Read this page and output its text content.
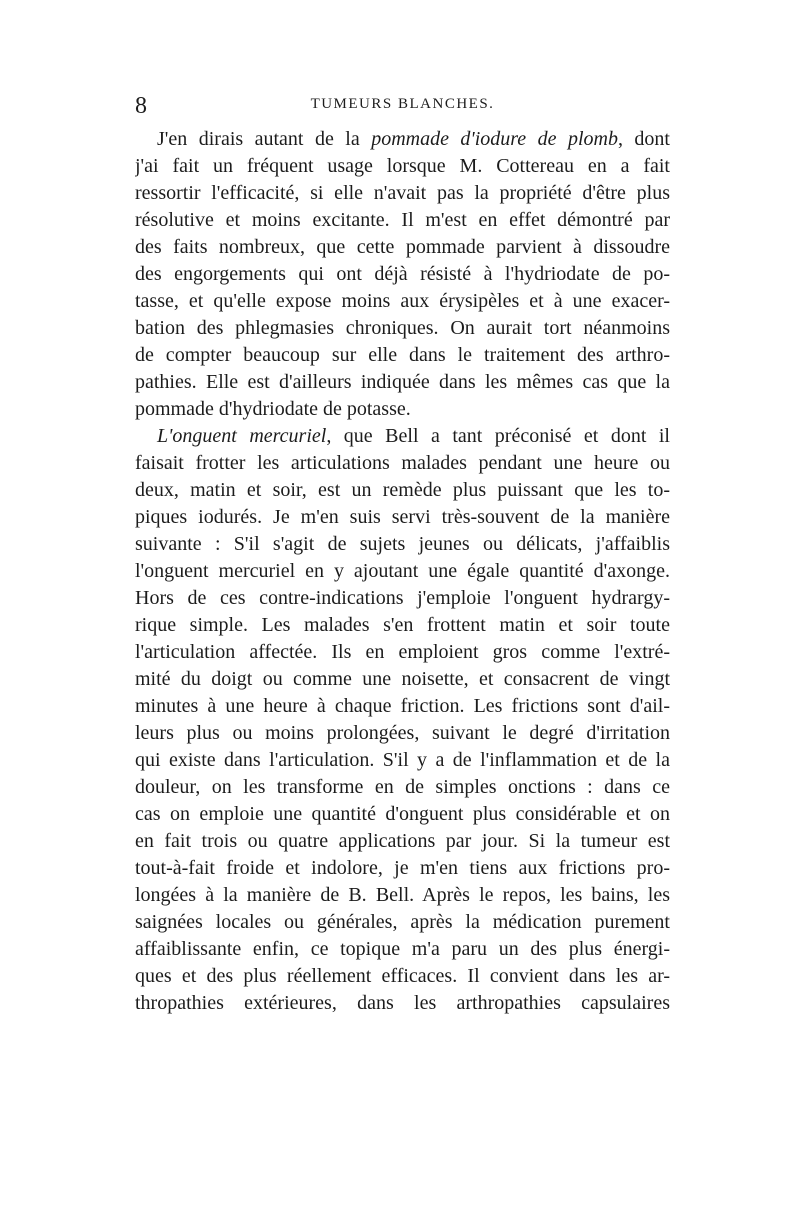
8	TUMEURS BLANCHES.
J'en dirais autant de la pommade d'iodure de plomb, dont
j'ai fait un fréquent usage lorsque M. Cottereau en a fait
ressortir l'efficacité, si elle n'avait pas la propriété d'être plus
résolutive et moins excitante. Il m'est en effet démontré par
des faits nombreux, que cette pommade parvient à dissoudre
des engorgements qui ont déjà résisté à l'hydriodate de po-
tasse, et qu'elle expose moins aux érysipèles et à une exacer-
bation des phlegmasies chroniques. On aurait tort néanmoins
de compter beaucoup sur elle dans le traitement des arthro-
pathies. Elle est d'ailleurs indiquée dans les mêmes cas que la
pommade d'hydriodate de potasse.
L'onguent mercuriel, que Bell a tant préconisé et dont il
faisait frotter les articulations malades pendant une heure ou
deux, matin et soir, est un remède plus puissant que les to-
piques iodurés. Je m'en suis servi très-souvent de la manière
suivante : S'il s'agit de sujets jeunes ou délicats, j'affaiblis
l'onguent mercuriel en y ajoutant une égale quantité d'axonge.
Hors de ces contre-indications j'emploie l'onguent hydrargy-
rique simple. Les malades s'en frottent matin et soir toute
l'articulation affectée. Ils en emploient gros comme l'extré-
mité du doigt ou comme une noisette, et consacrent de vingt
minutes à une heure à chaque friction. Les frictions sont d'ail-
leurs plus ou moins prolongées, suivant le degré d'irritation
qui existe dans l'articulation. S'il y a de l'inflammation et de la
douleur, on les transforme en de simples onctions : dans ce
cas on emploie une quantité d'onguent plus considérable et on
en fait trois ou quatre applications par jour. Si la tumeur est
tout-à-fait froide et indolore, je m'en tiens aux frictions pro-
longées à la manière de B. Bell. Après le repos, les bains, les
saignées locales ou générales, après la médication purement
affaiblissante enfin, ce topique m'a paru un des plus énergi-
ques et des plus réellement efficaces. Il convient dans les ar-
thropathies extérieures, dans les arthropathies capsulaires
